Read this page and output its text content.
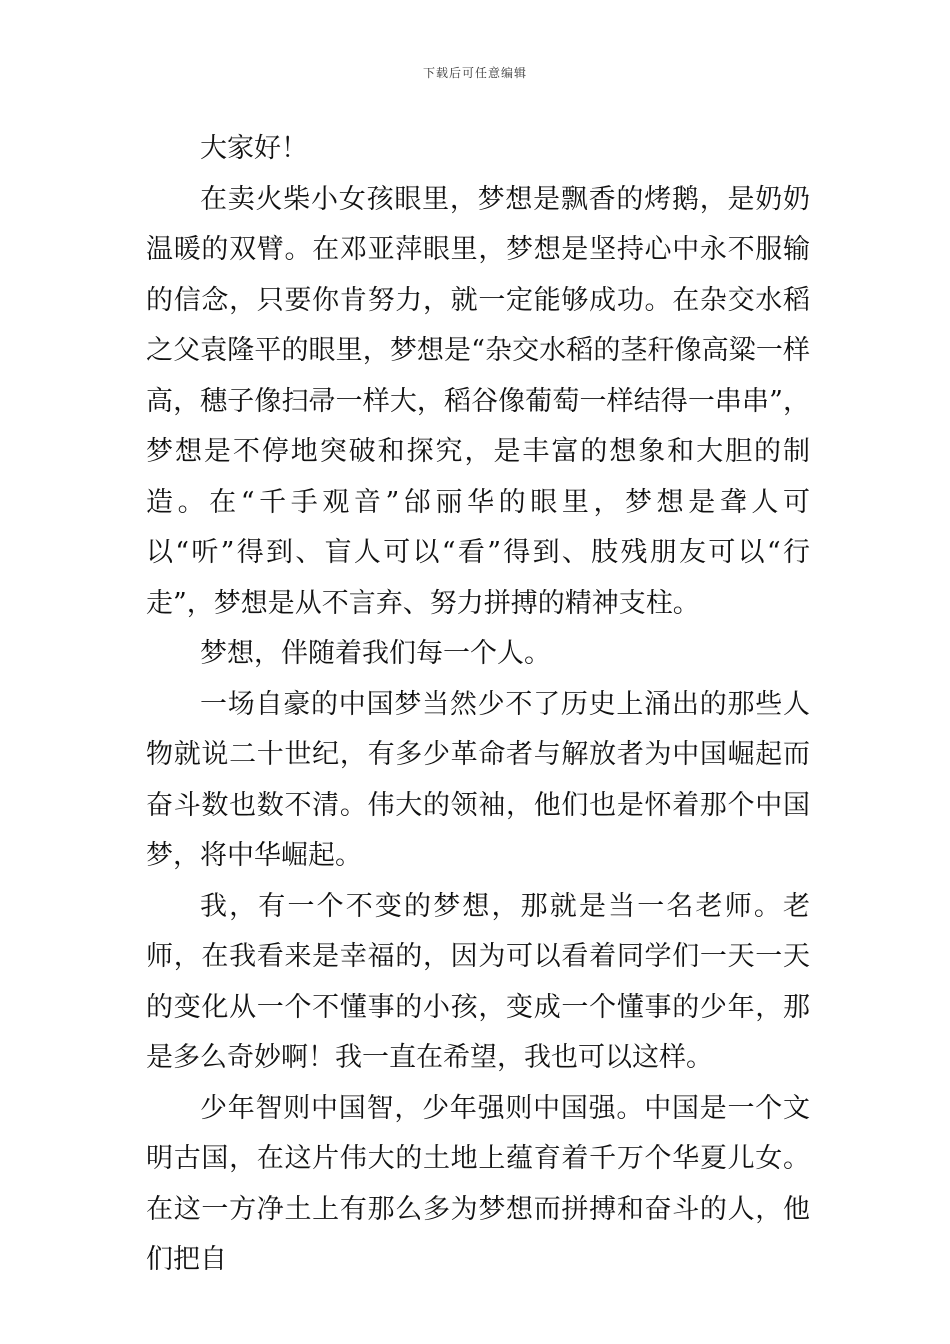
下载后可任意编辑

大家好！

在卖火柴小女孩眼里，梦想是飘香的烤鹅，是奶奶温暖的双臂。在邓亚萍眼里，梦想是坚持心中永不服输的信念，只要你肯努力，就一定能够成功。在杂交水稻之父袁隆平的眼里，梦想是“杂交水稻的茎秆像高粱一样高，穗子像扫帚一样大，稻谷像葡萄一样结得一串串”，梦想是不停地突破和探究，是丰富的想象和大胆的制造。在“千手观音”邰丽华的眼里，梦想是聋人可以“听”得到、盲人可以“看”得到、肢残朋友可以“行走”，梦想是从不言弃、努力拼搏的精神支柱。

梦想，伴随着我们每一个人。

一场自豪的中国梦当然少不了历史上涌出的那些人物就说二十世纪，有多少革命者与解放者为中国崛起而奋斗数也数不清。伟大的领袖，他们也是怀着那个中国梦，将中华崛起。

我，有一个不变的梦想，那就是当一名老师。老师，在我看来是幸福的，因为可以看着同学们一天一天的变化从一个不懂事的小孩，变成一个懂事的少年，那是多么奇妙啊！我一直在希望，我也可以这样。

少年智则中国智，少年强则中国强。中国是一个文明古国，在这片伟大的土地上蕴育着千万个华夏儿女。在这一方净土上有那么多为梦想而拼搏和奋斗的人，他们把自
